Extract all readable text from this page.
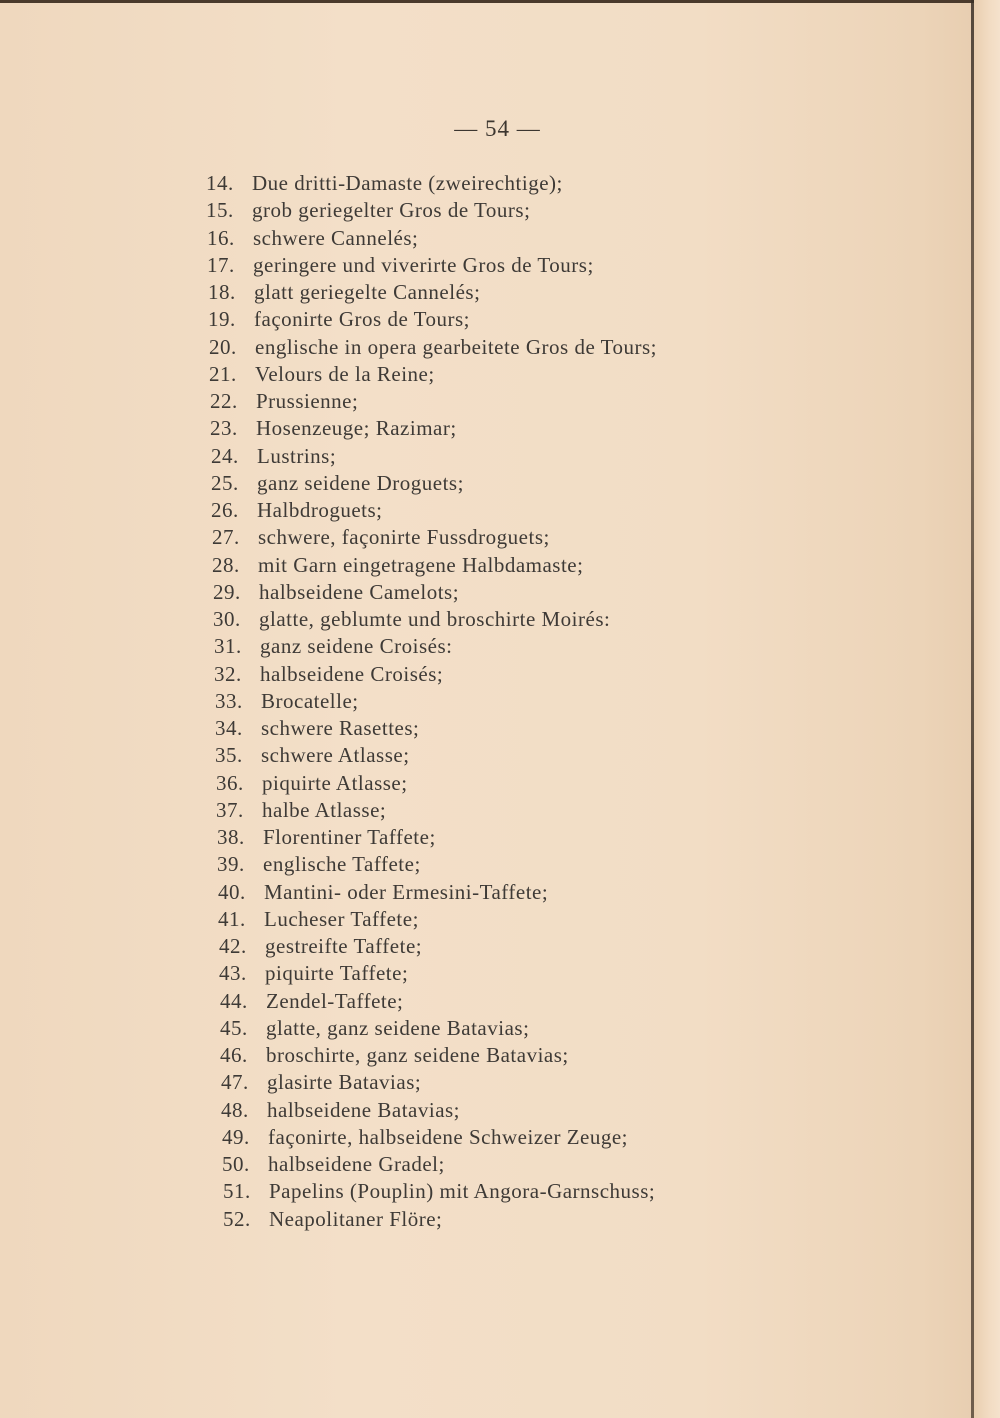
— 54 —
14. Due dritti-Damaste (zweirechtige);
15. grob geriegelter Gros de Tours;
16. schwere Cannelés;
17. geringere und viverirte Gros de Tours;
18. glatt geriegelte Cannelés;
19. façonirte Gros de Tours;
20. englische in opera gearbeitete Gros de Tours;
21. Velours de la Reine;
22. Prussienne;
23. Hosenzeuge; Razimar;
24. Lustrins;
25. ganz seidene Droguets;
26. Halbdroguets;
27. schwere, façonirte Fussdroguets;
28. mit Garn eingetragene Halbdamaste;
29. halbseidene Camelots;
30. glatte, geblumte und broschirte Moirés:
31. ganz seidene Croisés:
32. halbseidene Croisés;
33. Brocatelle;
34. schwere Rasettes;
35. schwere Atlasse;
36. piquirte Atlasse;
37. halbe Atlasse;
38. Florentiner Taffete;
39. englische Taffete;
40. Mantini- oder Ermesini-Taffete;
41. Lucheser Taffete;
42. gestreifte Taffete;
43. piquirte Taffete;
44. Zendel-Taffete;
45. glatte, ganz seidene Batavias;
46. broschirte, ganz seidene Batavias;
47. glasirte Batavias;
48. halbseidene Batavias;
49. façonirte, halbseidene Schweizer Zeuge;
50. halbseidene Gradel;
51. Papelins (Pouplin) mit Angora-Garnschuss;
52. Neapolitaner Flöre;
